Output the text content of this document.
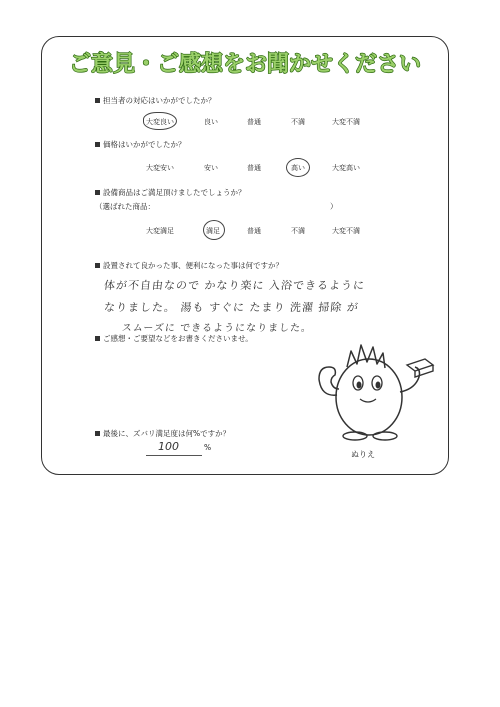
ご意見・ご感想をお聞かせください
担当者の対応はいかがでしたか？
大変良い	良い	普通	不満	大変不満
価格はいかがでしたか？
大変安い	安い	普通	高い	大変高い
設備商品はご満足頂けましたでしょうか？
（選ばれた商品：	）
大変満足	満足	普通	不満	大変不満
設置されて良かった事、便利になった事は何ですか？
体が不自由なので かなり楽に 入浴できるように
なりました。 湯も すぐに たまり 洗濯 掃除 が
スムーズに できるようになりました。
ご感想・ご要望などをお書きくださいませ。
最後に、ズバリ満足度は何%ですか？
100	%
ぬりえ
